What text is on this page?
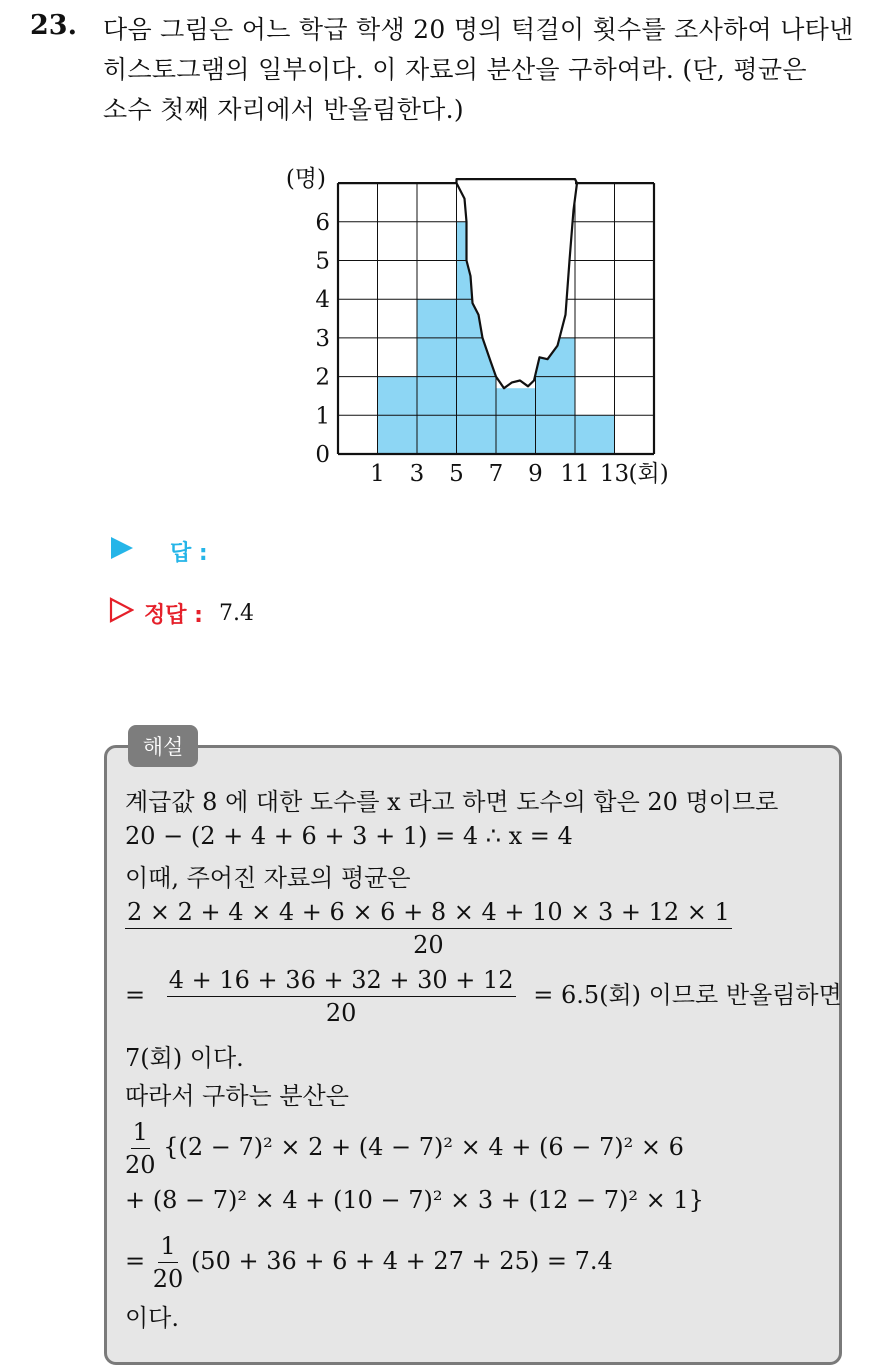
23. 다음 그림은 어느 학급 학생 20 명의 턱걸이 횟수를 조사하여 나타낸
히스토그램의 일부이다. 이 자료의 분산을 구하여라. (단, 평균은
소수 첫째 자리에서 반올림한다.)
0
1
2
3
4
5
6
1 3 5 7 9 11 13
(명)
(회)
답 :
정답 : 7.4
해설
계급값 8 에 대한 도수를 x 라고 하면 도수의 합은 20 명이므로
20 − (2 + 4 + 6 + 3 + 1) = 4 ∴ x = 4
이때, 주어진 자료의 평균은
$\frac{2 \times 2 + 4 \times 4 + 6 \times 6 + 8 \times 4 + 10 \times 3 + 12 \times 1}{20}$
= $\frac{4 + 16 + 36 + 32 + 30 + 12}{20} = 6.5$(회) 이므로 반올림하면
7(회) 이다.
따라서 구하는 분산은
$\frac{1}{20} \{(2 - 7)^2 \times 2 + (4 - 7)^2 \times 4 + (6 - 7)^2 \times 6$
+ (8 − 7)² × 4 + (10 − 7)² × 3 + (12 − 7)² × 1}
= $\frac{1}{20} (50 + 36 + 6 + 4 + 27 + 25) = 7.4$
이다.
